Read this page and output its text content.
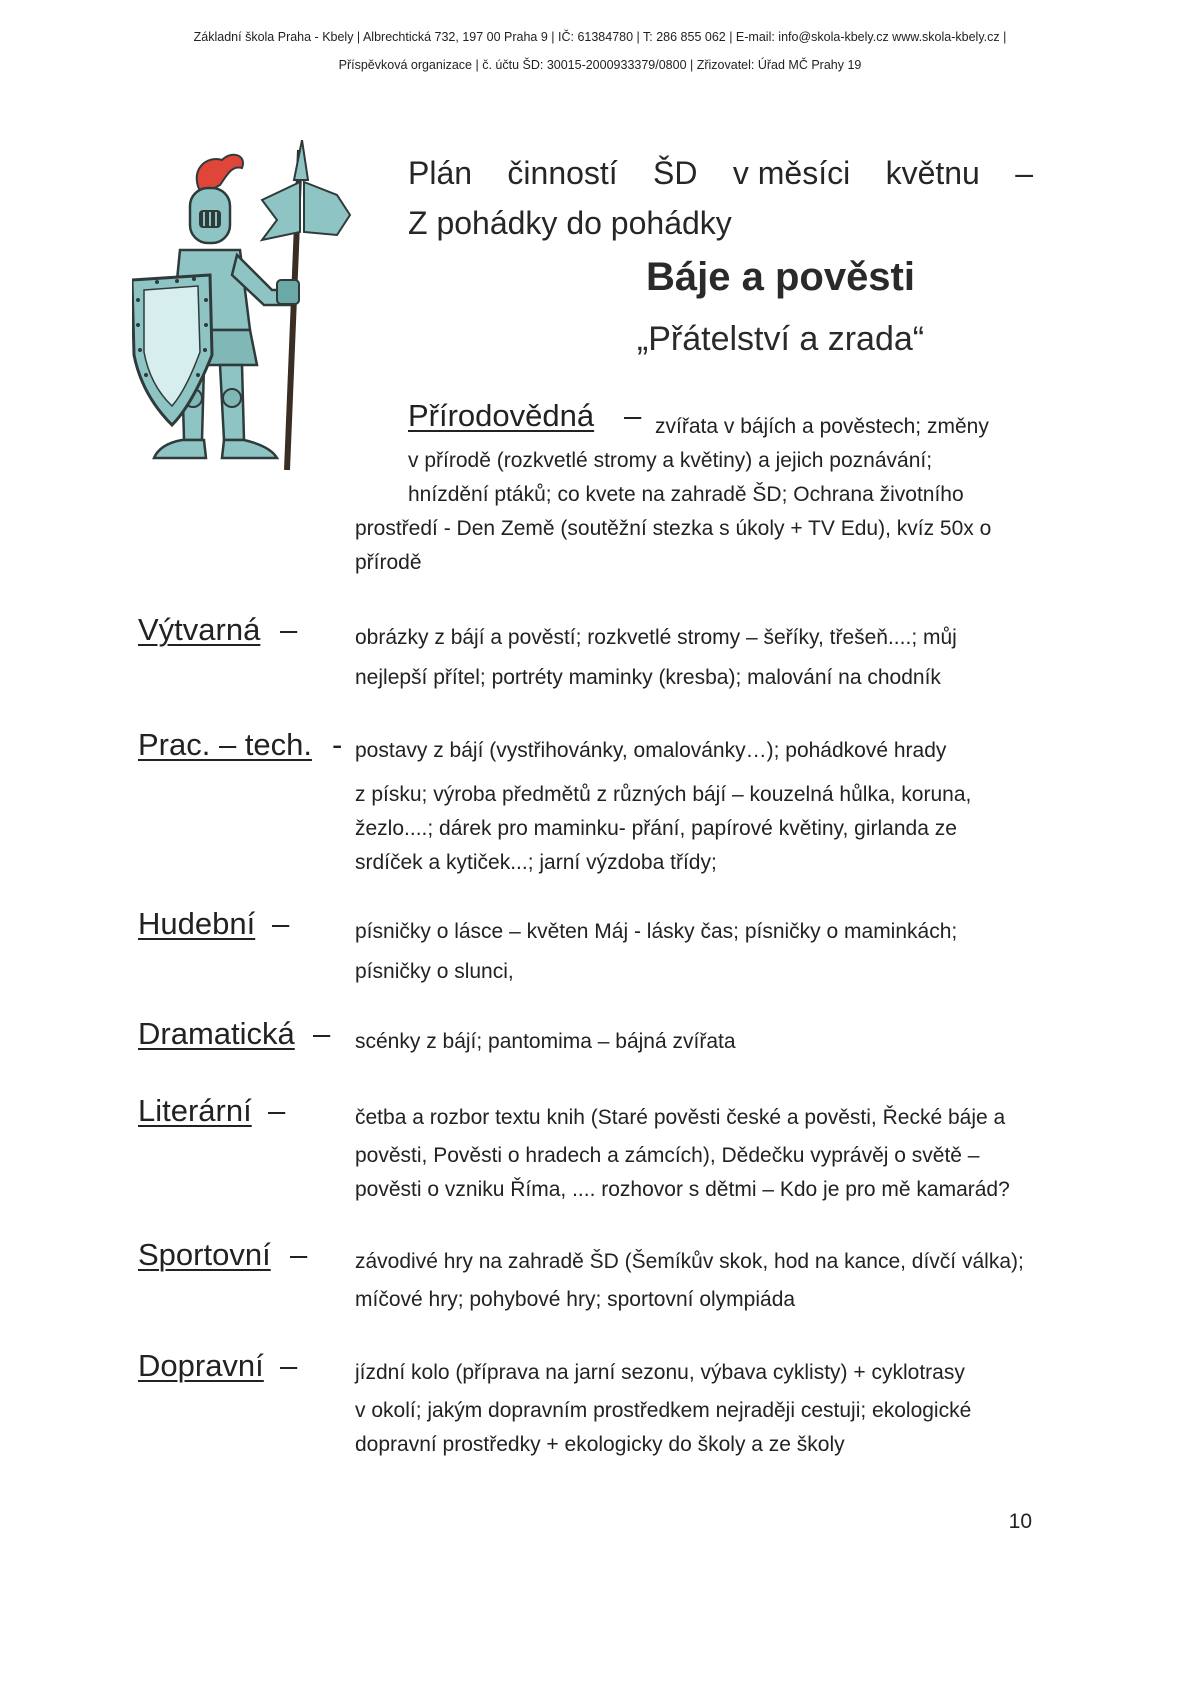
Základní škola Praha - Kbely | Albrechtická 732, 197 00 Praha 9 | IČ: 61384780 | T: 286 855 062 | E-mail: info@skola-kbely.cz www.skola-kbely.cz |
Příspěvková organizace | č. účtu ŠD: 30015-2000933379/0800 | Zřizovatel: Úřad MČ Prahy 19
Plán činností ŠD v měsíci květnu –
Z pohádky do pohádky
Báje a pověsti
„Přátelství a zrada“
Přírodovědná – zvířata v bájích a pověstech; změny
v přírodě (rozkvetlé stromy a květiny) a jejich poznávání;
hnízdění ptáků; co kvete na zahradě ŠD; Ochrana životního
prostředí - Den Země (soutěžní stezka s úkoly + TV Edu), kvíz 50x o
přírodě
Výtvarná –	obrázky z bájí a pověstí; rozkvetlé stromy – šeříky, třešeň....; můj
nejlepší přítel; portréty maminky (kresba); malování na chodník
Prac. – tech. - postavy z bájí (vystřihovánky, omalovánky…); pohádkové hrady
z písku; výroba předmětů z různých bájí – kouzelná hůlka, koruna,
žezlo....; dárek pro maminku- přání, papírové květiny, girlanda ze
srdíček a kytiček...; jarní výzdoba třídy;
Hudební –	písničky o lásce – květen Máj - lásky čas; písničky o maminkách;
písničky o slunci,
Dramatická – scénky z bájí; pantomima – bájná zvířata
Literární –	četba a rozbor textu knih (Staré pověsti české a pověsti, Řecké báje a
pověsti, Pověsti o hradech a zámcích), Dědečku vyprávěj o světě –
pověsti o vzniku Říma, .... rozhovor s dětmi – Kdo je pro mě kamarád?
Sportovní – závodivé hry na zahradě ŠD (Šemíkův skok, hod na kance, dívčí válka);
míčové hry; pohybové hry; sportovní olympiáda
Dopravní –	jízdní kolo (příprava na jarní sezonu, výbava cyklisty) + cyklotrasy
v okolí; jakým dopravním prostředkem nejraději cestuji; ekologické
dopravní prostředky + ekologicky do školy a ze školy
10
